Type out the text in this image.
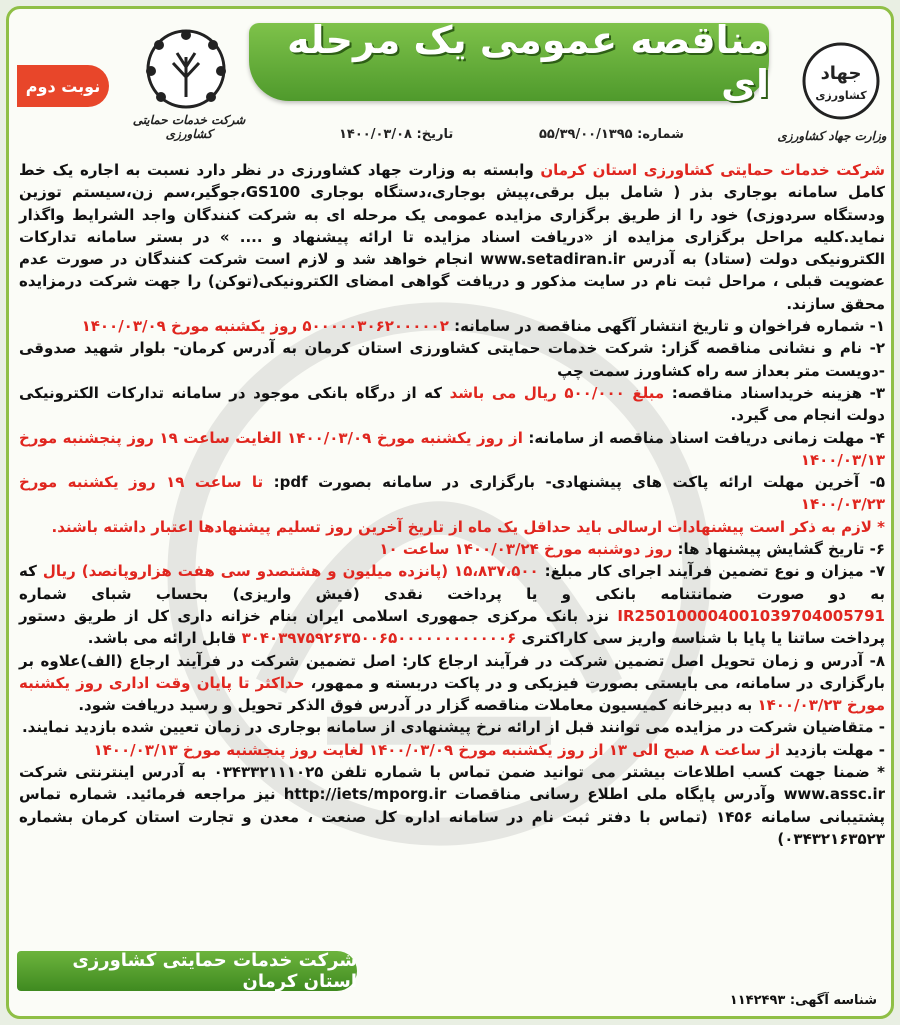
نوبت دوم
شرکت خدمات حمایتی کشاورزی
مناقصه عمومی یک مرحله ای	جهاد
کشاورزی
وزارت جهاد کشاورزی
شماره: ۵۵/۳۹/۰۰/۱۳۹۵
تاریخ: ۱۴۰۰/۰۳/۰۸

شرکت خدمات حمایتی کشاورزی استان کرمان وابسته به وزارت جهاد کشاورزی در نظر دارد نسبت به اجاره یک خط کامل سامانه بوجاری بذر ( شامل بیل برقی،پیش بوجاری،دستگاه بوجاری GS100،جوگیر،سم زن،سیستم توزین ودستگاه سردوزی) خود را از طریق برگزاری مزایده عمومی یک مرحله ای به شرکت کنندگان واجد الشرایط واگذار نماید.کلیه مراحل برگزاری مزایده از «دریافت اسناد مزایده تا ارائه پیشنهاد و .... » در بستر سامانه تدارکات الکترونیکی دولت (ستاد) به آدرس www.setadiran.ir انجام خواهد شد و لازم است شرکت کنندگان در صورت عدم عضویت قبلی ، مراحل ثبت نام در سایت مذکور و دریافت گواهی امضای الکترونیکی(توکن) را جهت شرکت درمزایده محقق سازند.

۱- شماره فراخوان و تاریخ انتشار آگهی مناقصه در سامانه: ۵۰۰۰۰۰۳۰۶۲۰۰۰۰۰۲ روز یکشنبه مورخ ۱۴۰۰/۰۳/۰۹

۲- نام و نشانی مناقصه گزار: شرکت خدمات حمایتی کشاورزی استان کرمان به آدرس کرمان- بلوار شهید صدوقی -دویست متر بعداز سه راه کشاورز سمت چپ

۳- هزینه خریداسناد مناقصه: مبلغ ۵۰۰/۰۰۰ ریال می باشد که از درگاه بانکی موجود در سامانه تدارکات الکترونیکی دولت انجام می گیرد.

۴- مهلت زمانی دریافت اسناد مناقصه از سامانه: از روز یکشنبه مورخ ۱۴۰۰/۰۳/۰۹ الغایت ساعت ۱۹ روز پنجشنبه مورخ ۱۴۰۰/۰۳/۱۳

۵- آخرین مهلت ارائه پاکت های پیشنهادی- بارگزاری در سامانه بصورت pdf: تا ساعت ۱۹ روز یکشنبه مورخ ۱۴۰۰/۰۳/۲۳

* لازم به ذکر است پیشنهادات ارسالی باید حداقل یک ماه از تاریخ آخرین روز تسلیم پیشنهادها اعتبار داشته باشند.

۶- تاریخ گشایش پیشنهاد ها: روز دوشنبه مورخ ۱۴۰۰/۰۳/۲۴ ساعت ۱۰

۷- میزان و نوع تضمین فرآیند اجرای کار مبلغ: ۱۵،۸۳۷،۵۰۰ (پانزده میلیون و هشتصدو سی هفت هزاروپانصد) ریال که به دو صورت ضمانتنامه بانکی و یا پرداخت نقدی (فیش واریزی) بحساب شبای شماره IR250100004001039704005791 نزد بانک مرکزی جمهوری اسلامی ایران بنام خزانه داری کل از طریق دستور پرداخت ساتنا یا پایا با شناسه واریز سی کاراکتری ۳۰۴۰۳۹۷۵۹۲۶۳۵۰۰۶۵۰۰۰۰۰۰۰۰۰۰۰۰۶ قابل ارائه می باشد.

۸- آدرس و زمان تحویل اصل تضمین شرکت در فرآیند ارجاع کار: اصل تضمین شرکت در فرآیند ارجاع (الف)علاوه بر بارگزاری در سامانه، می بایستی بصورت فیزیکی و در پاکت دربسته و ممهور، حداکثر تا پایان وقت اداری روز یکشنبه مورخ ۱۴۰۰/۰۳/۲۳ به دبیرخانه کمیسیون معاملات مناقصه گزار در آدرس فوق الذکر تحویل و رسید دریافت شود.

- متقاضیان شرکت در مزایده می توانند قبل از ارائه نرخ پیشنهادی از سامانه بوجاری در زمان تعیین شده بازدید نمایند.

- مهلت بازدید از ساعت ۸ صبح الی ۱۳ از روز یکشنبه مورخ ۱۴۰۰/۰۳/۰۹ لغایت روز پنجشنبه مورخ ۱۴۰۰/۰۳/۱۳

* ضمنا جهت کسب اطلاعات بیشتر می توانید ضمن تماس با شماره تلفن ۰۳۴۳۳۲۱۱۱۰۲۵ به آدرس اینترنتی شرکت www.assc.ir وآدرس پایگاه ملی اطلاع رسانی مناقصات http://iets/mporg.ir نیز مراجعه فرمائید. شماره تماس پشتیبانی سامانه ۱۴۵۶ (تماس با دفتر ثبت نام در سامانه اداره کل صنعت ، معدن و تجارت استان کرمان بشماره ۰۳۴۳۲۱۶۳۵۲۳)

شرکت خدمات حمایتی کشاورزی استان کرمان
شناسه آگهی: ۱۱۴۲۴۹۳
